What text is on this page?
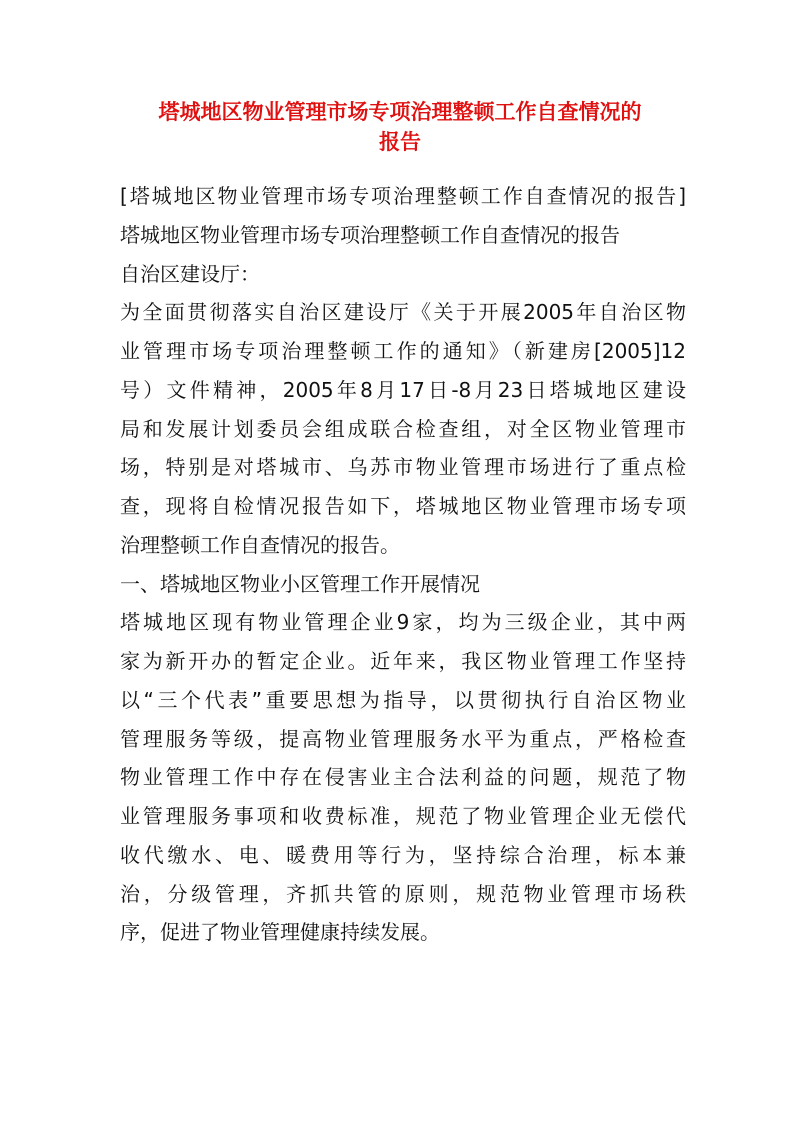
塔城地区物业管理市场专项治理整顿工作自查情况的
报告
[塔城地区物业管理市场专项治理整顿工作自查情况的报告]
塔城地区物业管理市场专项治理整顿工作自查情况的报告
自治区建设厅：
为全面贯彻落实自治区建设厅《关于开展2005年自治区物
业管理市场专项治理整顿工作的通知》（新建房[2005]12
号）文件精神，2005年8月17日-8月23日塔城地区建设
局和发展计划委员会组成联合检查组，对全区物业管理市
场，特别是对塔城市、乌苏市物业管理市场进行了重点检
查，现将自检情况报告如下，塔城地区物业管理市场专项
治理整顿工作自查情况的报告。
一、塔城地区物业小区管理工作开展情况
塔城地区现有物业管理企业9家，均为三级企业，其中两
家为新开办的暂定企业。近年来，我区物业管理工作坚持
以“三个代表”重要思想为指导，以贯彻执行自治区物业
管理服务等级，提高物业管理服务水平为重点，严格检查
物业管理工作中存在侵害业主合法利益的问题，规范了物
业管理服务事项和收费标准，规范了物业管理企业无偿代
收代缴水、电、暖费用等行为，坚持综合治理，标本兼
治，分级管理，齐抓共管的原则，规范物业管理市场秩
序，促进了物业管理健康持续发展。
